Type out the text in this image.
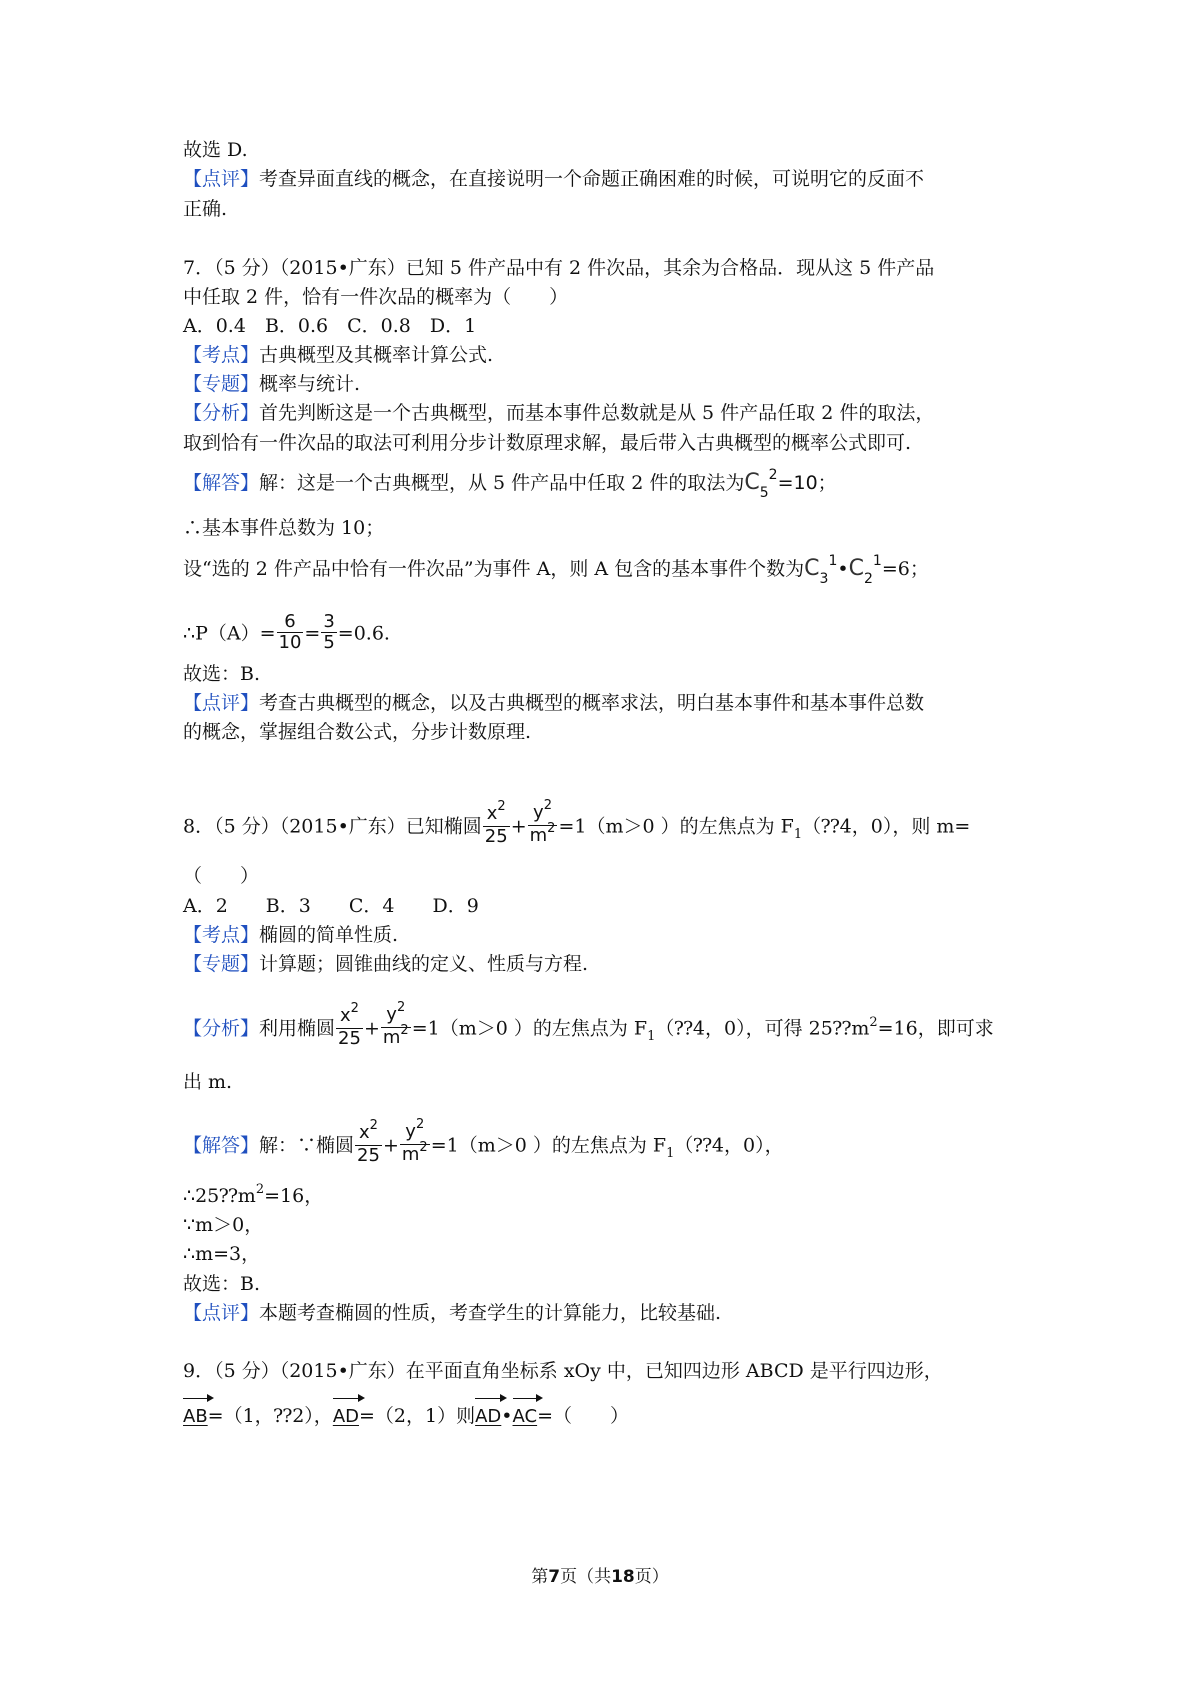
故选 D.
【点评】考查异面直线的概念，在直接说明一个命题正确困难的时候，可说明它的反面不
正确.
7．（5 分）（2015•广东）已知 5 件产品中有 2 件次品，其余为合格品．现从这 5 件产品
中任取 2 件，恰有一件次品的概率为（　　）
A．0.4　B．0.6　C．0.8　D．1
【考点】古典概型及其概率计算公式.
【专题】概率与统计.
【分析】首先判断这是一个古典概型，而基本事件总数就是从 5 件产品任取 2 件的取法，
取到恰有一件次品的取法可利用分步计数原理求解，最后带入古典概型的概率公式即可.
【解答】解：这是一个古典概型，从 5 件产品中任取 2 件的取法为$C_5^2=10$；
∴基本事件总数为 10；
设“选的 2 件产品中恰有一件次品”为事件 A，则 A 包含的基本事件个数为$C_3^1•C_2^1=6$；
∴P（A）= $\frac{6}{10} = \frac{3}{5} =0.6$.
故选：B.
【点评】考查古典概型的概念，以及古典概型的概率求法，明白基本事件和基本事件总数
的概念，掌握组合数公式，分步计数原理.
8．（5 分）（2015•广东）已知椭圆 $\frac{x^2}{25} + \frac{y^2}{m^2} =1(m>0$ ）的左焦点为 $F_1(⁇4$，0），则 m=
（　　）
A．2　　B．3　　C．4　　D．9
【考点】椭圆的简单性质.
【专题】计算题；圆锥曲线的定义、性质与方程.
【分析】利用椭圆 $\frac{x^2}{25} + \frac{y^2}{m^2} =1(m>0$ ）的左焦点为 $F_1(⁇4$，0），可得 $25⁇m^2=16$，即可求
出 m.
【解答】解：∵椭圆 $\frac{x^2}{25} + \frac{y^2}{m^2} =1(m>0$ ）的左焦点为 $F_1(⁇4$，0），
$\therefore 25⁇m^2=16$，
∵m＞0，
∴m=3，
故选：B.
【点评】本题考查椭圆的性质，考查学生的计算能力，比较基础.
9．（5 分）（2015•广东）在平面直角坐标系 xOy 中，已知四边形 ABCD 是平行四边形，
AB=（1，⁇2），AD=（2，1）则AD•AC=（　　）
第7页（共18页）
